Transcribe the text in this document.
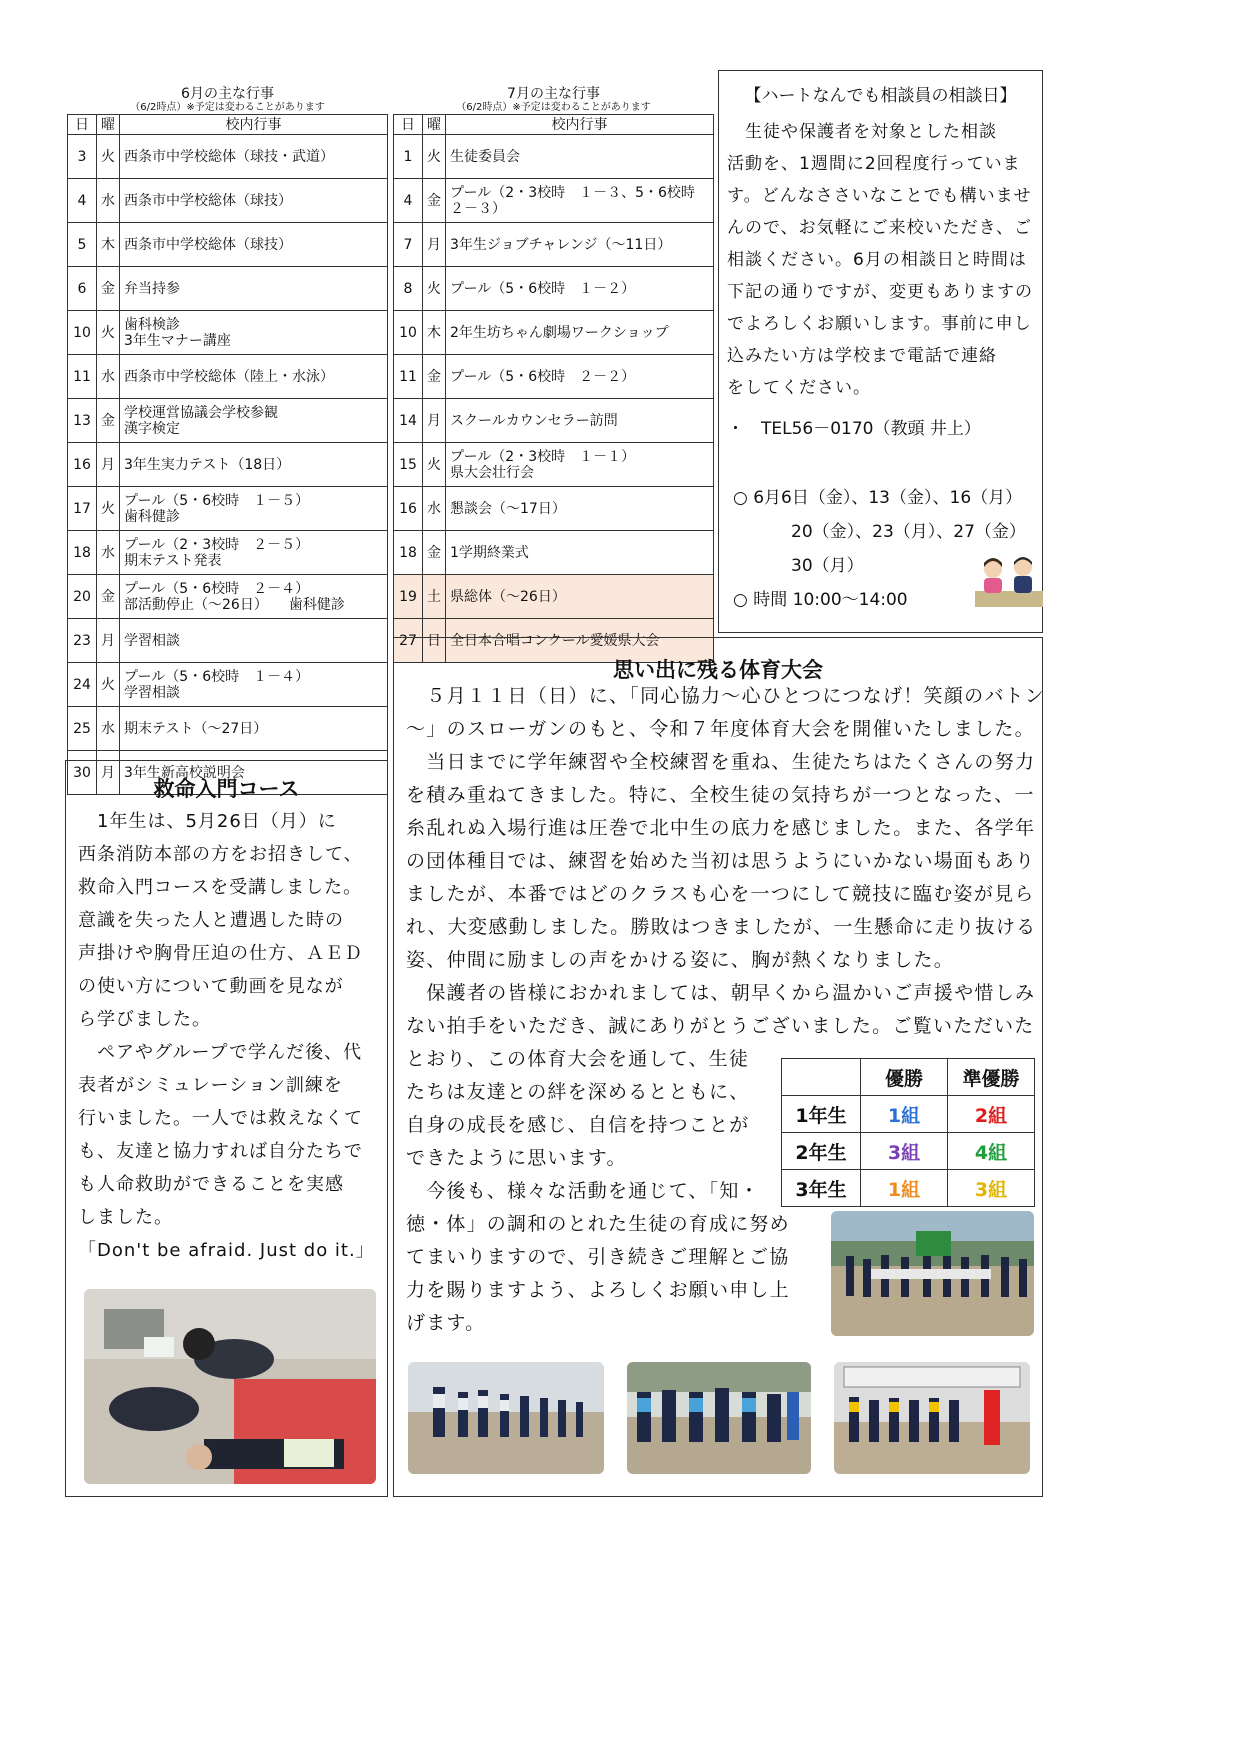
6月の主な行事
（6/2時点）※予定は変わることがあります
日	曜	校内行事
3	火	西条市中学校総体（球技・武道）

4	水	西条市中学校総体（球技）

5	木	西条市中学校総体（球技）

6	金	弁当持参

10	火	歯科検診
3年生マナー講座

11	水	西条市中学校総体（陸上・水泳）

13	金	学校運営協議会学校参観
漢字検定

16	月	3年生実力テスト（18日）

17	火	プール（5・6校時　１－５）
歯科健診

18	水	プール（2・3校時　２－５）
期末テスト発表

20	金	プール（5・6校時　２－４）
部活動停止（～26日）　　歯科健診

23	月	学習相談

24	火	プール（5・6校時　１－４）
学習相談

25	水	期末テスト（～27日）

30	月	3年生新高校説明会
7月の主な行事
（6/2時点）※予定は変わることがあります
日	曜	校内行事
1	火	生徒委員会

4	金	プール（2・3校時　１－３、5・6校時
２－３）

7	月	3年生ジョブチャレンジ（～11日）

8	火	プール（5・6校時　１－２）

10	木	2年生坊ちゃん劇場ワークショップ

11	金	プール（5・6校時　２－２）

14	月	スクールカウンセラー訪問

15	火	プール（2・3校時　１－１）
県大会壮行会

16	水	懇談会（～17日）

18	金	1学期終業式

19	土	県総体（～26日）

27	日	全日本合唱コンクール愛媛県大会
【ハートなんでも相談員の相談日】
　生徒や保護者を対象とした相談
活動を、1週間に2回程度行っていま
す。どんなささいなことでも構いませ
んので、お気軽にご来校いただき、ご
相談ください。6月の相談日と時間は
下記の通りですが、変更もありますの
でよろしくお願いします。事前に申し
込みたい方は学校まで電話で連絡
をしてください。
・　TEL56－0170（教頭 井上）
○ 6月6日（金）、13（金）、16（月）
20（金）、23（月）、27（金）
30（月）
○ 時間 10:00～14:00
救命入門コース
　1年生は、5月26日（月）に
西条消防本部の方をお招きして、
救命入門コースを受講しました。
意識を失った人と遭遇した時の
声掛けや胸骨圧迫の仕方、ＡＥＤ
の使い方について動画を見なが
ら学びました。
　ペアやグループで学んだ後、代
表者がシミュレーション訓練を
行いました。一人では救えなくて
も、友達と協力すれば自分たちで
も人命救助ができることを実感
しました。
「Don't be afraid. Just do it.」
思い出に残る体育大会
　５月１１日（日）に、「同心協力～心ひとつにつなげ！笑顔のバトン
～」のスローガンのもと、令和７年度体育大会を開催いたしました。
　当日までに学年練習や全校練習を重ね、生徒たちはたくさんの努力
を積み重ねてきました。特に、全校生徒の気持ちが一つとなった、一
糸乱れぬ入場行進は圧巻で北中生の底力を感じました。また、各学年
の団体種目では、練習を始めた当初は思うようにいかない場面もあり
ましたが、本番ではどのクラスも心を一つにして競技に臨む姿が見ら
れ、大変感動しました。勝敗はつきましたが、一生懸命に走り抜ける
姿、仲間に励ましの声をかける姿に、胸が熱くなりました。
　保護者の皆様におかれましては、朝早くから温かいご声援や惜しみ
ない拍手をいただき、誠にありがとうございました。ご覧いただいた
とおり、この体育大会を通して、生徒
たちは友達との絆を深めるとともに、
自身の成長を感じ、自信を持つことが
できたように思います。
　今後も、様々な活動を通じて、「知・
徳・体」の調和のとれた生徒の育成に努め
てまいりますので、引き続きご理解とご協
力を賜りますよう、よろしくお願い申し上
げます。
	優勝	準優勝
1年生	1組	2組
2年生	3組	4組
3年生	1組	3組
